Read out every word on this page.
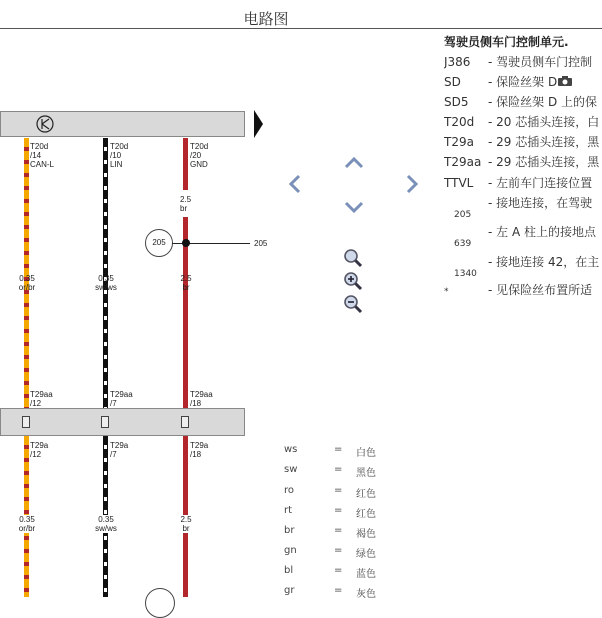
电路图
T20d
/14
CAN-L
T20d
/10
LIN
T20d
/20
GND
2.5
br
205	205
0.35
or/br
0.35
sw/ws
2.5
br
T29aa
/12
T29aa
/7
T29aa
/18
T29a
/12
T29a
/7
T29a
/18
0.35
or/br
0.35
sw/ws
2.5
br
驾驶员侧车门控制单元.
J386 - 驾驶员侧车门控制
SD - 保险丝架 D
SD5 - 保险丝架 D 上的保
T20d - 20 芯插头连接，白
T29a - 29 芯插头连接，黑
T29aa - 29 芯插头连接，黑
TTVL - 左前车门连接位置
205- 接地连接，在驾驶
639- 左 A 柱上的接地点
1340- 接地连接 42，在主
*	- 见保险丝布置所适
ws	= 白色
sw	= 黑色
ro	= 红色
rt	= 红色
br	= 褐色
gn	= 绿色
bl	= 蓝色
gr	= 灰色
